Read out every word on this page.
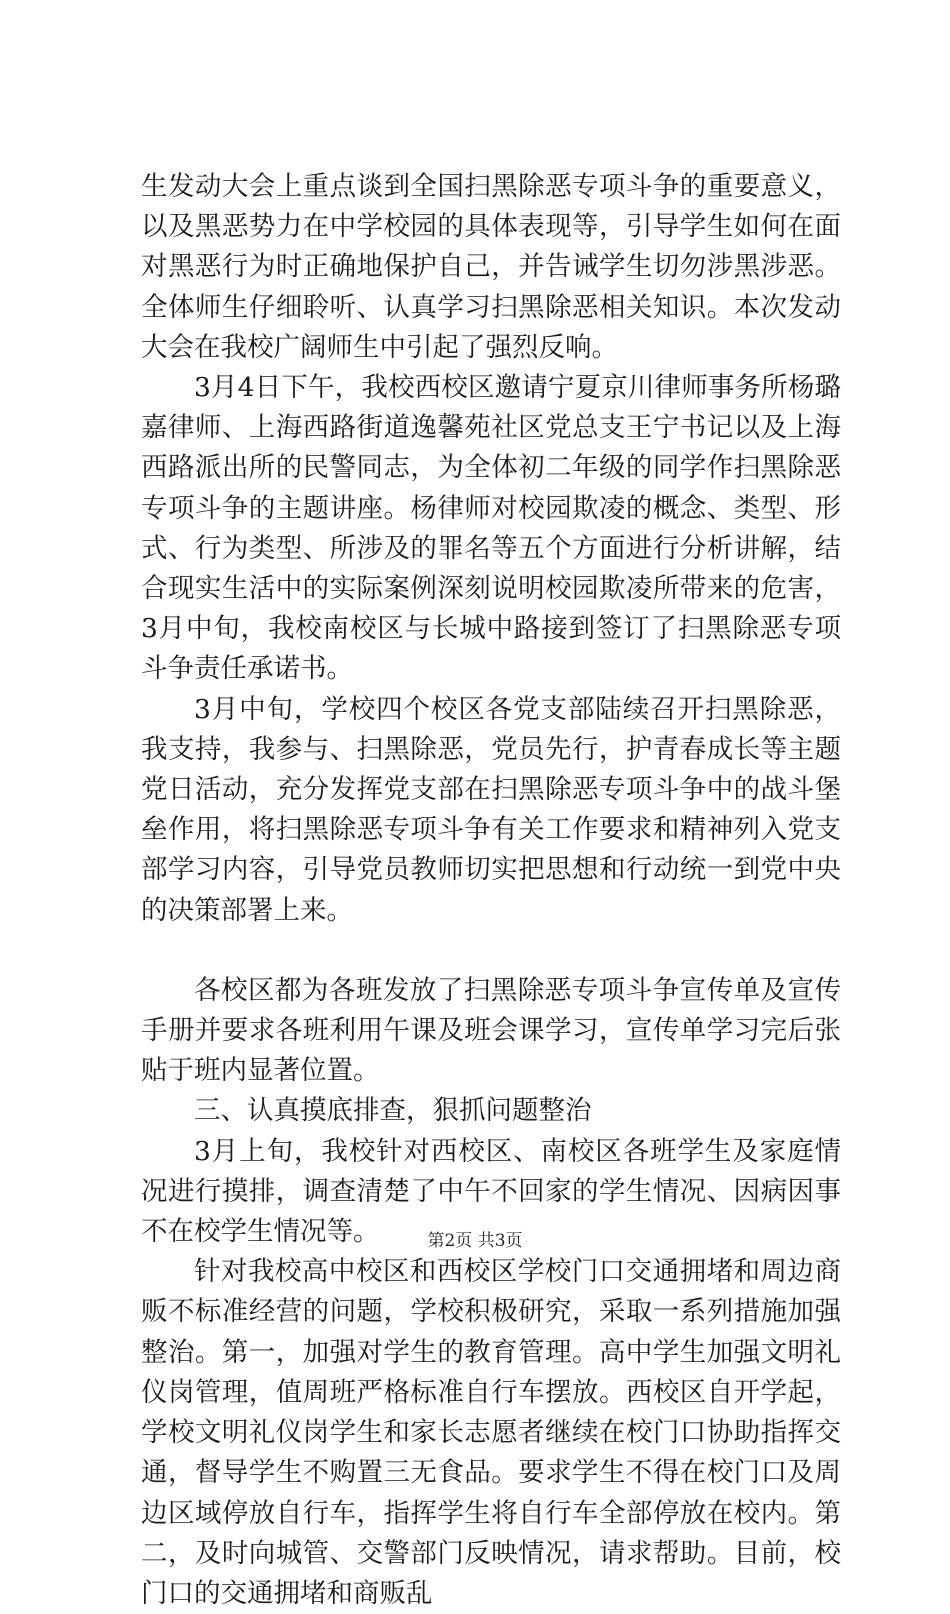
生发动大会上重点谈到全国扫黑除恶专项斗争的重要意义，以及黑恶势力在中学校园的具体表现等，引导学生如何在面对黑恶行为时正确地保护自己，并告诫学生切勿涉黑涉恶。全体师生仔细聆听、认真学习扫黑除恶相关知识。本次发动大会在我校广阔师生中引起了强烈反响。

3月4日下午，我校西校区邀请宁夏京川律师事务所杨璐嘉律师、上海西路街道逸馨苑社区党总支王宁书记以及上海西路派出所的民警同志，为全体初二年级的同学作扫黑除恶专项斗争的主题讲座。杨律师对校园欺凌的概念、类型、形式、行为类型、所涉及的罪名等五个方面进行分析讲解，结合现实生活中的实际案例深刻说明校园欺凌所带来的危害，3月中旬，我校南校区与长城中路接到签订了扫黑除恶专项斗争责任承诺书。

3月中旬，学校四个校区各党支部陆续召开扫黑除恶，我支持，我参与、扫黑除恶，党员先行，护青春成长等主题党日活动，充分发挥党支部在扫黑除恶专项斗争中的战斗堡垒作用，将扫黑除恶专项斗争有关工作要求和精神列入党支部学习内容，引导党员教师切实把思想和行动统一到党中央的决策部署上来。

各校区都为各班发放了扫黑除恶专项斗争宣传单及宣传手册并要求各班利用午课及班会课学习，宣传单学习完后张贴于班内显著位置。

三、认真摸底排查，狠抓问题整治

3月上旬，我校针对西校区、南校区各班学生及家庭情况进行摸排，调查清楚了中午不回家的学生情况、因病因事不在校学生情况等。

针对我校高中校区和西校区学校门口交通拥堵和周边商贩不标准经营的问题，学校积极研究，采取一系列措施加强整治。第一，加强对学生的教育管理。高中学生加强文明礼仪岗管理，值周班严格标准自行车摆放。西校区自开学起，学校文明礼仪岗学生和家长志愿者继续在校门口协助指挥交通，督导学生不购置三无食品。要求学生不得在校门口及周边区域停放自行车，指挥学生将自行车全部停放在校内。第二，及时向城管、交警部门反映情况，请求帮助。目前，校门口的交通拥堵和商贩乱

第2页 共3页
